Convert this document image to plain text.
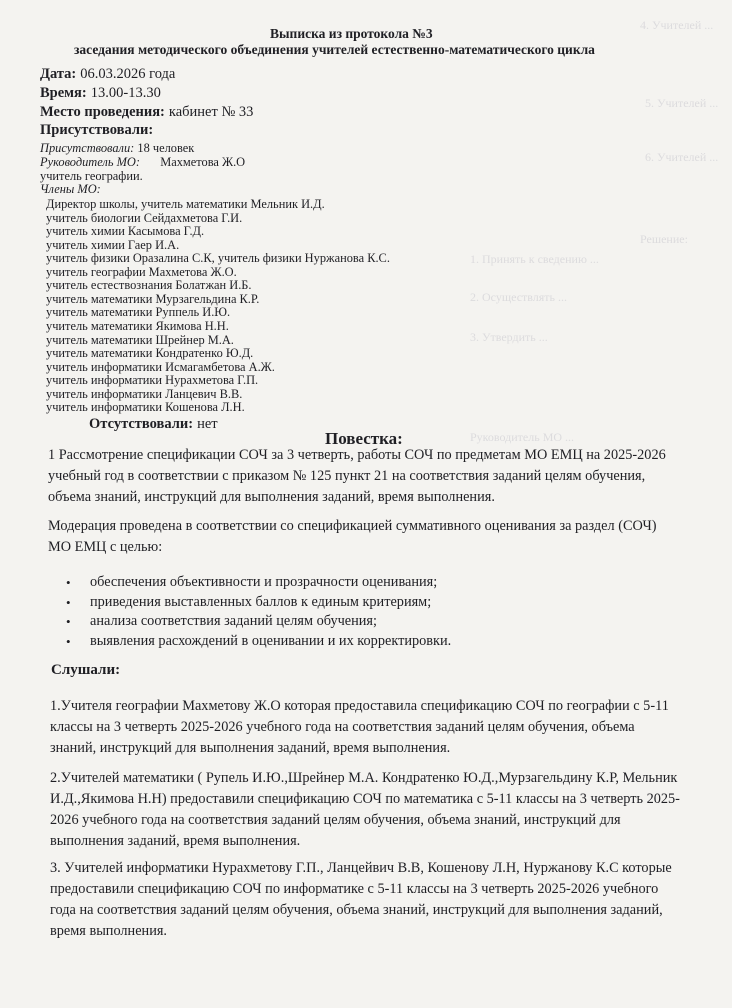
4. Учителей ...
5. Учителей ...
6. Учителей ...
Решение:
1. Принять к сведению ...
2. Осуществлять ...
3. Утвердить ...
Руководитель МО ...
Выписка из протокола №3
заседания методического объединения учителей естественно-математического цикла
Дата: 06.03.2026 года
Время: 13.00-13.30
Место проведения: кабинет № 33
Присутствовали:
Присутствовали: 18 человек
Руководитель МО: Махметова Ж.О
учитель географии.
Члены МО:
Директор школы, учитель математики Мельник И.Д.
учитель биологии Сейдахметова Г.И.
учитель химии Касымова Г.Д.
учитель химии Гаер И.А.
учитель физики Оразалина С.К, учитель физики Нуржанова К.С.
учитель географии Махметова Ж.О.
учитель естествознания Болатжан И.Б.
учитель математики Мурзагельдина К.Р.
учитель математики Руппель И.Ю.
учитель математики Якимова Н.Н.
учитель математики Шрейнер М.А.
учитель математики Кондратенко Ю.Д.
учитель информатики Исмагамбетова А.Ж.
учитель информатики Нурахметова Г.П.
учитель информатики Ланцевич В.В.
учитель информатики Кошенова Л.Н.
Отсутствовали: нет
Повестка:
1 Рассмотрение спецификации СОЧ за 3 четверть, работы СОЧ по предметам МО ЕМЦ на 2025-2026
учебный год в соответствии с приказом № 125 пункт 21 на соответствия заданий целям обучения,
объема знаний, инструкций для выполнения заданий, время выполнения.
Модерация проведена в соответствии со спецификацией суммативного оценивания за раздел (СОЧ)
МО ЕМЦ с целью:
• обеспечения объективности и прозрачности оценивания;
• приведения выставленных баллов к единым критериям;
• анализа соответствия заданий целям обучения;
• выявления расхождений в оценивании и их корректировки.
Слушали:
1.Учителя географии Махметову Ж.О которая предоставила спецификацию СОЧ по географии с 5-11
классы на 3 четверть 2025-2026 учебного года на соответствия заданий целям обучения, объема
знаний, инструкций для выполнения заданий, время выполнения.
2.Учителей математики ( Рупель И.Ю.,Шрейнер М.А. Кондратенко Ю.Д.,Мурзагельдину К.Р, Мельник
И.Д.,Якимова Н.Н) предоставили спецификацию СОЧ по математика с 5-11 классы на 3 четверть 2025-
2026 учебного года на соответствия заданий целям обучения, объема знаний, инструкций для
выполнения заданий, время выполнения.
3. Учителей информатики Нурахметову Г.П., Ланцейвич В.В, Кошенову Л.Н, Нуржанову К.С которые
предоставили спецификацию СОЧ по информатике с 5-11 классы на 3 четверть 2025-2026 учебного
года на соответствия заданий целям обучения, объема знаний, инструкций для выполнения заданий,
время выполнения.
